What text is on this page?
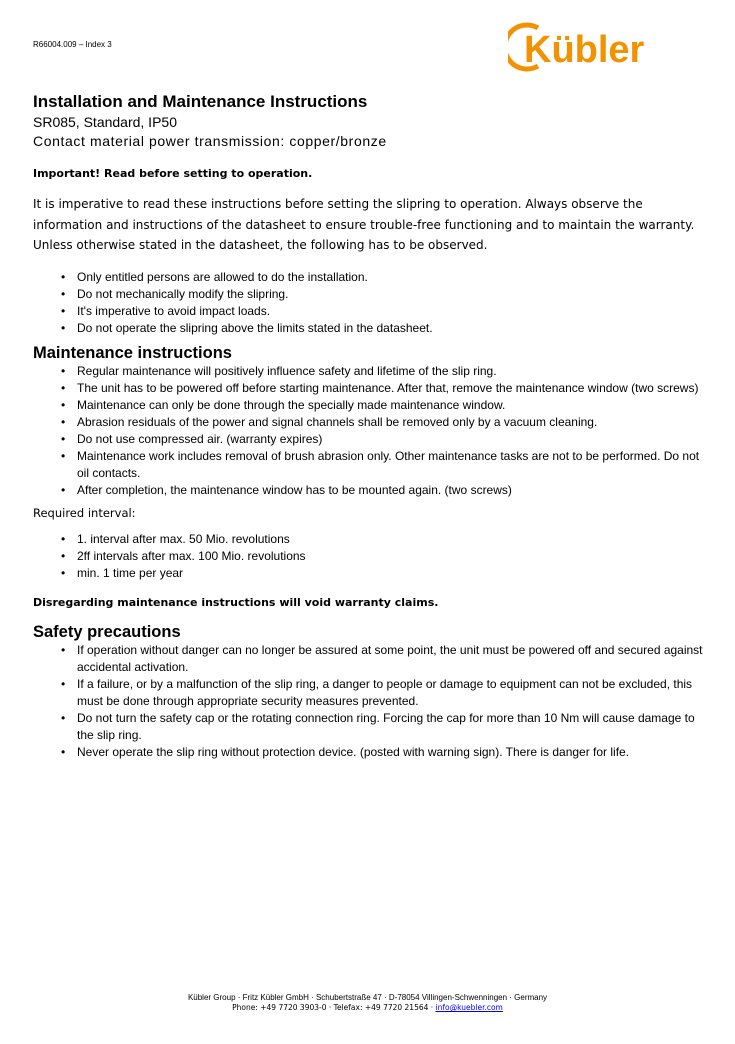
R66004.009 – Index 3	Kübler
Installation and Maintenance Instructions
SR085, Standard, IP50
Contact material power transmission: copper/bronze
Important! Read before setting to operation.
It is imperative to read these instructions before setting the slipring to operation. Always observe the information and instructions of the datasheet to ensure trouble-free functioning and to maintain the warranty. Unless otherwise stated in the datasheet, the following has to be observed.
• Only entitled persons are allowed to do the installation.
• Do not mechanically modify the slipring.
• It's imperative to avoid impact loads.
• Do not operate the slipring above the limits stated in the datasheet.
Maintenance instructions
• Regular maintenance will positively influence safety and lifetime of the slip ring.
• The unit has to be powered off before starting maintenance. After that, remove the maintenance window (two screws)
• Maintenance can only be done through the specially made maintenance window.
• Abrasion residuals of the power and signal channels shall be removed only by a vacuum cleaning.
• Do not use compressed air. (warranty expires)
• Maintenance work includes removal of brush abrasion only. Other maintenance tasks are not to be performed. Do not oil contacts.
• After completion, the maintenance window has to be mounted again. (two screws)
Required interval:
• 1. interval after max. 50 Mio. revolutions
• 2ff intervals after max. 100 Mio. revolutions
• min. 1 time per year
Disregarding maintenance instructions will void warranty claims.
Safety precautions
• If operation without danger can no longer be assured at some point, the unit must be powered off and secured against accidental activation.
• If a failure, or by a malfunction of the slip ring, a danger to people or damage to equipment can not be excluded, this must be done through appropriate security measures prevented.
• Do not turn the safety cap or the rotating connection ring. Forcing the cap for more than 10 Nm will cause damage to the slip ring.
• Never operate the slip ring without protection device. (posted with warning sign). There is danger for life.
Kübler Group · Fritz Kübler GmbH · Schubertstraße 47 · D-78054 Villingen-Schwenningen · Germany
Phone: +49 7720 3903-0 · Telefax: +49 7720 21564 · info@kuebler.com
